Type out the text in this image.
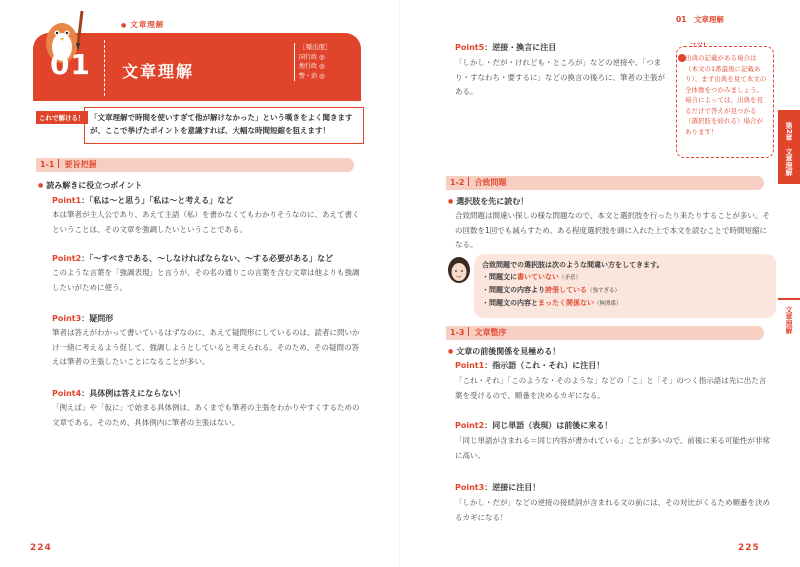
● 文章理解
01 文章理解
［頻出度］
国行政 ◎
地行政 ◎
警・消 ◎
これで解ける！ 「文章理解で時間を使いすぎて他が解けなかった」という嘆きをよく聞きますが、ここで挙げたポイントを意識すれば、大幅な時間短縮を狙えます！
1-1 要旨把握
● 読み解きに役立つポイント
Point1：「私は〜と思う」「私は〜と考える」など
本は筆者が主人公であり、あえて主語（私）を書かなくてもわかりそうなのに、あえて書くということは、その文章を強調したいということである。
Point2：「〜すべきである、〜しなければならない、〜する必要がある」など
このような言葉を「強調表現」と言うが、その名の通りこの言葉を含む文章は他よりも強調したいがために使う。
Point3：疑問形
筆者は答えがわかって書いているはずなのに、あえて疑問形にしているのは、読者に問いかけ一緒に考えるよう促して、強調しようとしていると考えられる。そのため、その疑問の答えは筆者の主張したいことになることが多い。
Point4：具体例は答えにならない！
「例えば」や「仮に」で始まる具体例は、あくまでも筆者の主張をわかりやすくするための文章である。そのため、具体例内に筆者の主張はない。
224
01　 文章理解
Point5：逆接・換言に注目
「しかし・だが・けれども・ところが」などの逆接や、「つまり・すなわち・要するに」などの換言の後ろに、筆者の主張がある。
コツ!
出典の記載がある場合は（本文の1番最後に記載あり）、まず出典を見て本文の全体像をつかみましょう。場合によっては、出典を見るだけで答えが見つかる（選択肢を絞れる）場合があります！	第2章　文章理解
文章理解
1-2 合致問題
● 選択肢を先に読む！
合致問題は間違い探しの様な問題なので、本文と選択肢を行ったり来たりすることが多い。その回数を1回でも減らすため、ある程度選択肢を頭に入れた上で本文を読むことで時間短縮になる。
合致問題での選択肢は次のような間違い方をしてきます。
・問題文に書いていない（矛盾）
・問題文の内容より誇張している（強すぎる）
・問題文の内容とまったく関係ない（無関係）
1-3 文章整序
● 文章の前後関係を見極める！
Point1：指示語（これ・それ）に注目！
「これ・それ」「このような・そのような」などの「こ」と「そ」のつく指示語は先に出た言葉を受けるので、順番を決めるカギになる。
Point2：同じ単語（表現）は前後に来る！
「同じ単語が含まれる＝同じ内容が書かれている」ことが多いので、前後に来る可能性が非常に高い。
Point3：逆接に注目！
「しかし・だが」などの逆接の接続詞が含まれる文の前には、その対比がくるため順番を決めるカギになる！
225
